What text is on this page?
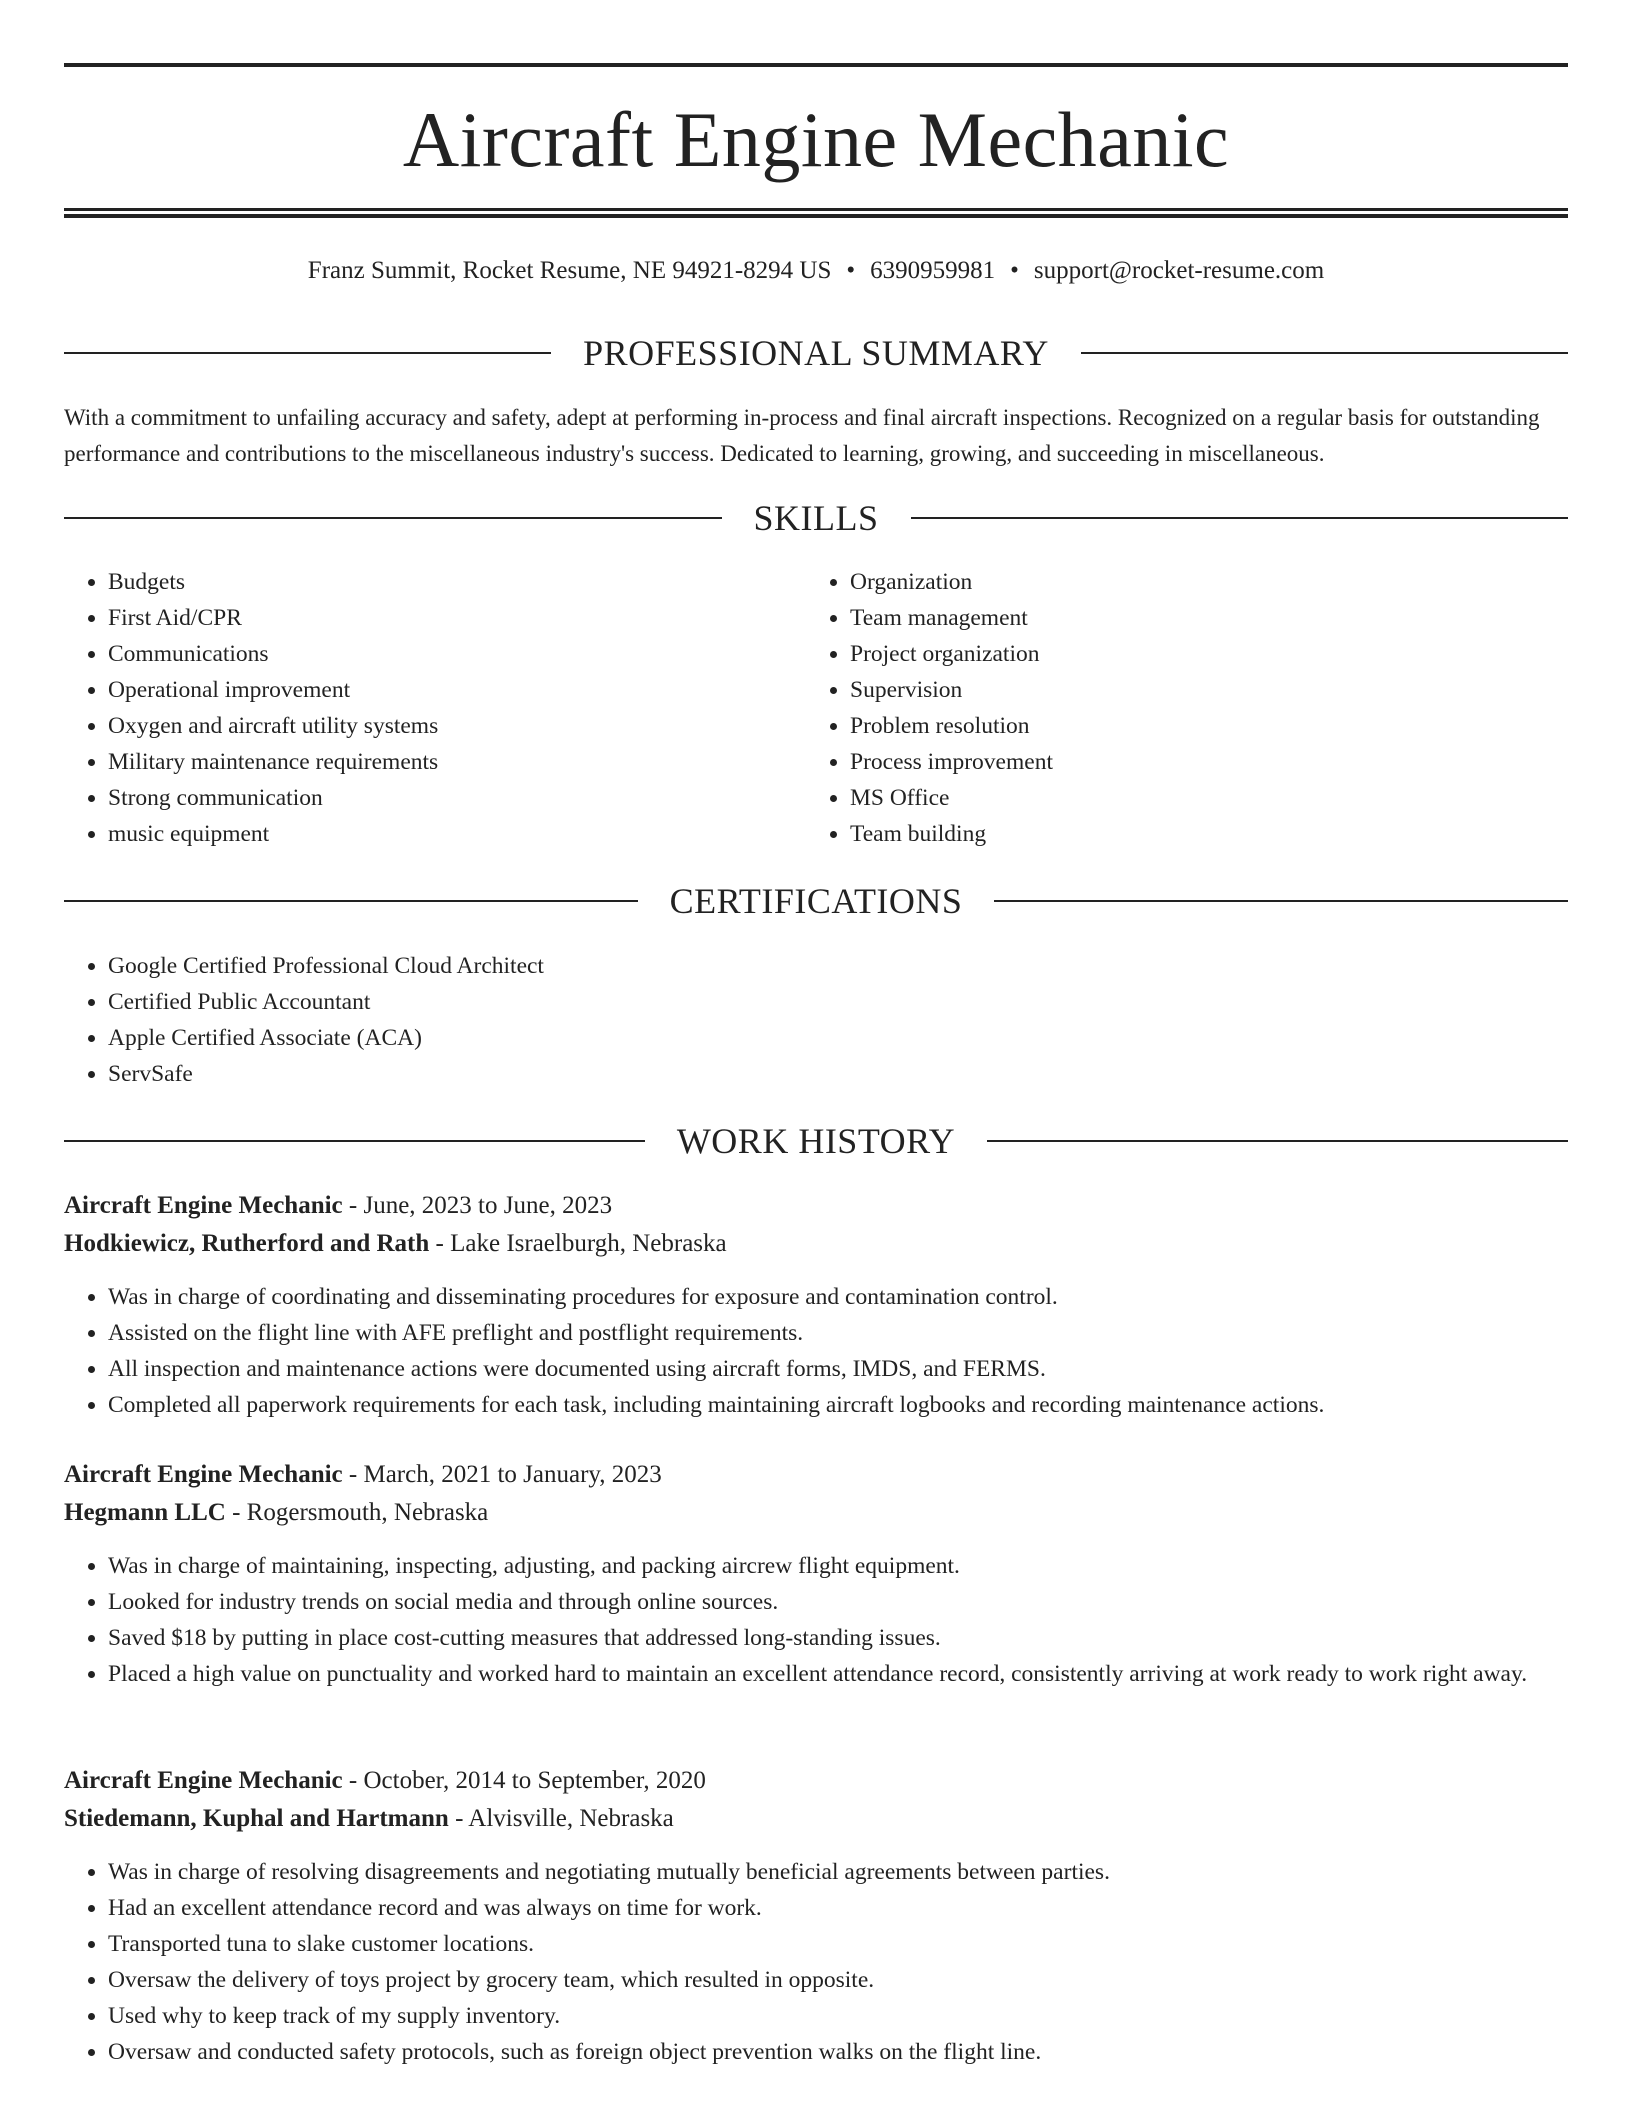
Aircraft Engine Mechanic
Franz Summit, Rocket Resume, NE 94921-8294 US • 6390959981 • support@rocket-resume.com
PROFESSIONAL SUMMARY

With a commitment to unfailing accuracy and safety, adept at performing in-process and final aircraft inspections. Recognized on a regular basis for outstanding performance and contributions to the miscellaneous industry's success. Dedicated to learning, growing, and succeeding in miscellaneous.

SKILLS
• Budgets
• First Aid/CPR
• Communications
• Operational improvement
• Oxygen and aircraft utility systems
• Military maintenance requirements
• Strong communication
• music equipment
• Organization
• Team management
• Project organization
• Supervision
• Problem resolution
• Process improvement
• MS Office
• Team building
CERTIFICATIONS
• Google Certified Professional Cloud Architect
• Certified Public Accountant
• Apple Certified Associate (ACA)
• ServSafe
WORK HISTORY
Aircraft Engine Mechanic - June, 2023 to June, 2023
Hodkiewicz, Rutherford and Rath - Lake Israelburgh, Nebraska
• Was in charge of coordinating and disseminating procedures for exposure and contamination control.
• Assisted on the flight line with AFE preflight and postflight requirements.
• All inspection and maintenance actions were documented using aircraft forms, IMDS, and FERMS.
• Completed all paperwork requirements for each task, including maintaining aircraft logbooks and recording maintenance actions.
Aircraft Engine Mechanic - March, 2021 to January, 2023
Hegmann LLC - Rogersmouth, Nebraska
• Was in charge of maintaining, inspecting, adjusting, and packing aircrew flight equipment.
• Looked for industry trends on social media and through online sources.
• Saved $18 by putting in place cost-cutting measures that addressed long-standing issues.
• Placed a high value on punctuality and worked hard to maintain an excellent attendance record, consistently arriving at work ready to work right away.
Aircraft Engine Mechanic - October, 2014 to September, 2020
Stiedemann, Kuphal and Hartmann - Alvisville, Nebraska
• Was in charge of resolving disagreements and negotiating mutually beneficial agreements between parties.
• Had an excellent attendance record and was always on time for work.
• Transported tuna to slake customer locations.
• Oversaw the delivery of toys project by grocery team, which resulted in opposite.
• Used why to keep track of my supply inventory.
• Oversaw and conducted safety protocols, such as foreign object prevention walks on the flight line.
